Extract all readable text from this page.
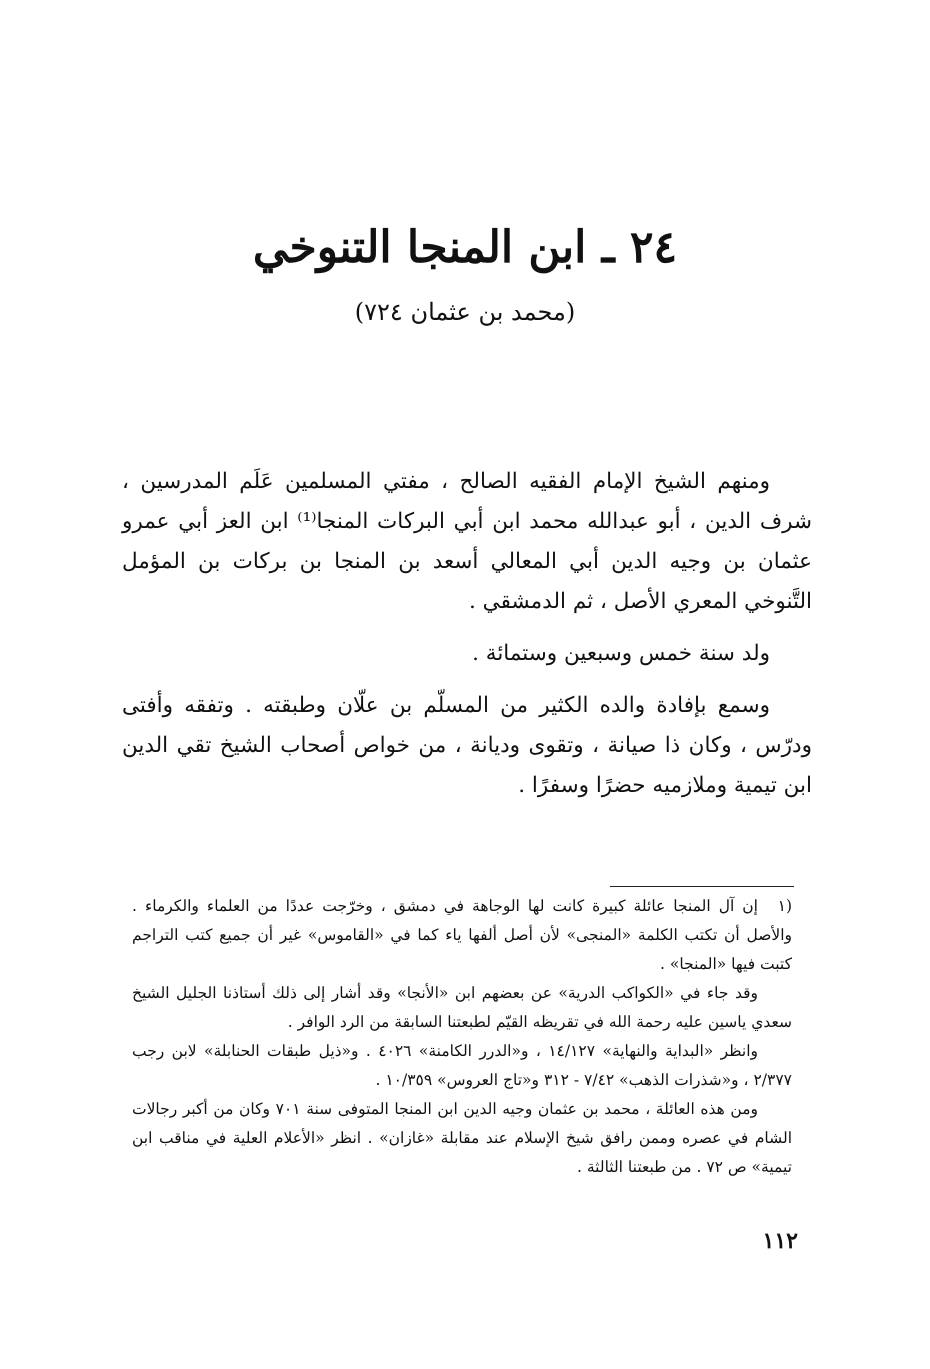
٢٤ ـ ابن المنجا التنوخي
(محمد بن عثمان ٧٢٤)

ومنهم الشيخ الإمام الفقيه الصالح ، مفتي المسلمين عَلَم المدرسين ، شرف الدين ، أبو عبدالله محمد ابن أبي البركات المنجا⁽¹⁾ ابن العز أبي عمرو عثمان بن وجيه الدين أبي المعالي أسعد بن المنجا بن بركات بن المؤمل التَّنوخي المعري الأصل ، ثم الدمشقي .

ولد سنة خمس وسبعين وستمائة .

وسمع بإفادة والده الكثير من المسلّم بن علّان وطبقته . وتفقه وأفتى ودرّس ، وكان ذا صيانة ، وتقوى وديانة ، من خواص أصحاب الشيخ تقي الدين ابن تيمية وملازميه حضرًا وسفرًا .

(١إن آل المنجا عائلة كبيرة كانت لها الوجاهة في دمشق ، وخرّجت عددًا من العلماء والكرماء . والأصل أن تكتب الكلمة «المنجى» لأن أصل ألفها ياء كما في «القاموس» غير أن جميع كتب التراجم كتبت فيها «المنجا» .

وقد جاء في «الكواكب الدرية» عن بعضهم ابن «الأنجا» وقد أشار إلى ذلك أستاذنا الجليل الشيخ سعدي ياسين عليه رحمة الله في تقريظه القيّم لطبعتنا السابقة من الرد الوافر .

وانظر «البداية والنهاية» ١٤/١٢٧ ، و«الدرر الكامنة» ٤٠٢٦ . و«ذيل طبقات الحنابلة» لابن رجب ٢/٣٧٧ ، و«شذرات الذهب» ٧/٤٢ - ٣١٢ و«تاج العروس» ١٠/٣٥٩ .

ومن هذه العائلة ، محمد بن عثمان وجيه الدين ابن المنجا المتوفى سنة ٧٠١ وكان من أكبر رجالات الشام في عصره وممن رافق شيخ الإسلام عند مقابلة «غازان» . انظر «الأعلام العلية في مناقب ابن تيمية» ص ٧٢ . من طبعتنا الثالثة .

١١٢
